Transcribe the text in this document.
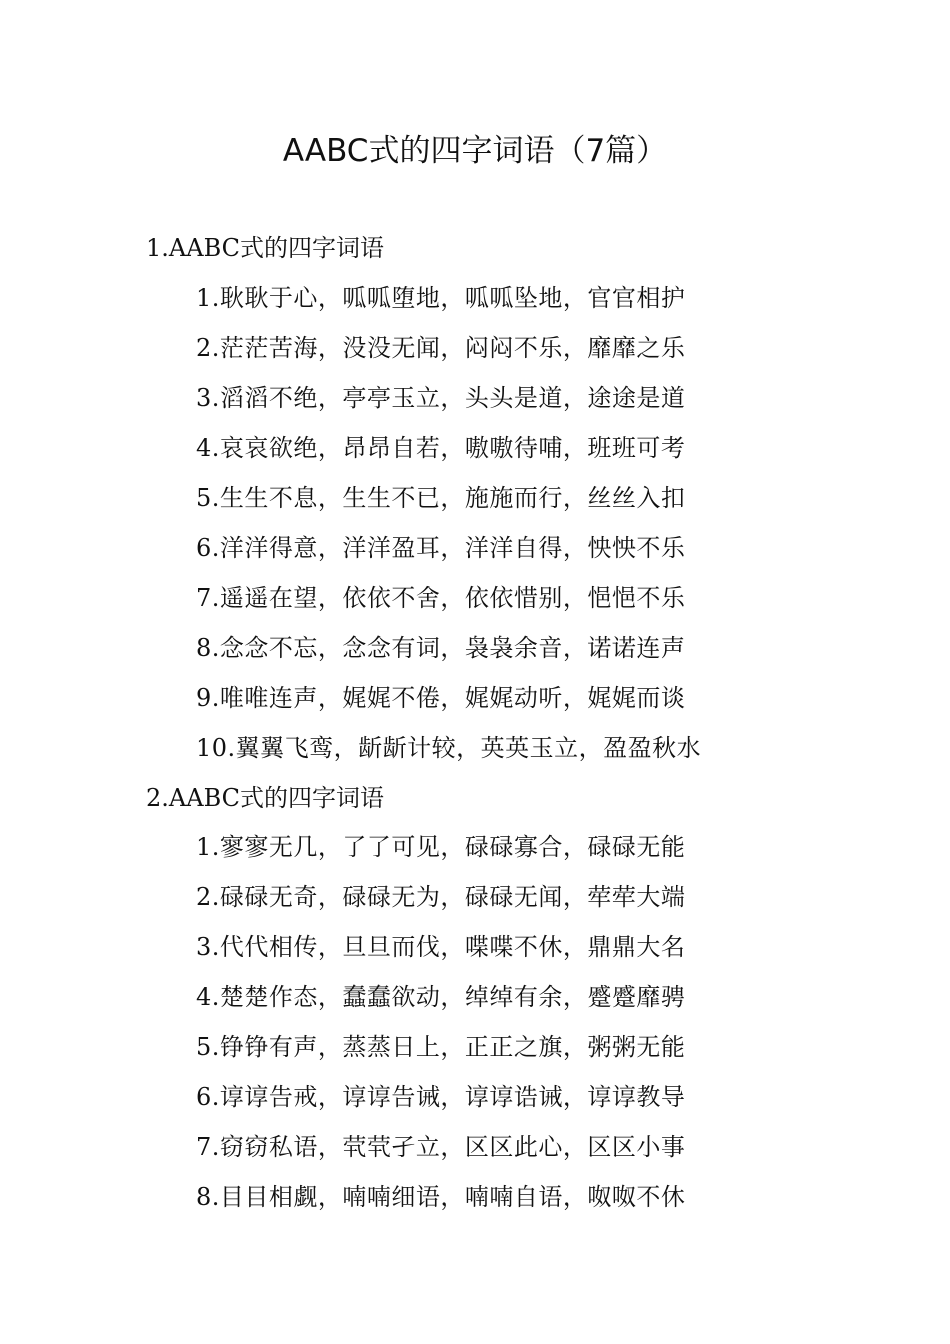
AABC式的四字词语（7篇）

1.AABC式的四字词语

1.耿耿于心，呱呱堕地，呱呱坠地，官官相护

2.茫茫苦海，没没无闻，闷闷不乐，靡靡之乐

3.滔滔不绝，亭亭玉立，头头是道，途途是道

4.哀哀欲绝，昂昂自若，嗷嗷待哺，班班可考

5.生生不息，生生不已，施施而行，丝丝入扣

6.洋洋得意，洋洋盈耳，洋洋自得，怏怏不乐

7.遥遥在望，依依不舍，依依惜别，悒悒不乐

8.念念不忘，念念有词，袅袅余音，诺诺连声

9.唯唯连声，娓娓不倦，娓娓动听，娓娓而谈

10.翼翼飞鸾，龂龂计较，英英玉立，盈盈秋水

2.AABC式的四字词语

1.寥寥无几，了了可见，碌碌寡合，碌碌无能

2.碌碌无奇，碌碌无为，碌碌无闻，荦荦大端

3.代代相传，旦旦而伐，喋喋不休，鼎鼎大名

4.楚楚作态，蠢蠢欲动，绰绰有余，蹙蹙靡骋

5.铮铮有声，蒸蒸日上，正正之旗，粥粥无能

6.谆谆告戒，谆谆告诫，谆谆诰诫，谆谆教导

7.窃窃私语，茕茕孑立，区区此心，区区小事

8.目目相觑，喃喃细语，喃喃自语，呶呶不休
